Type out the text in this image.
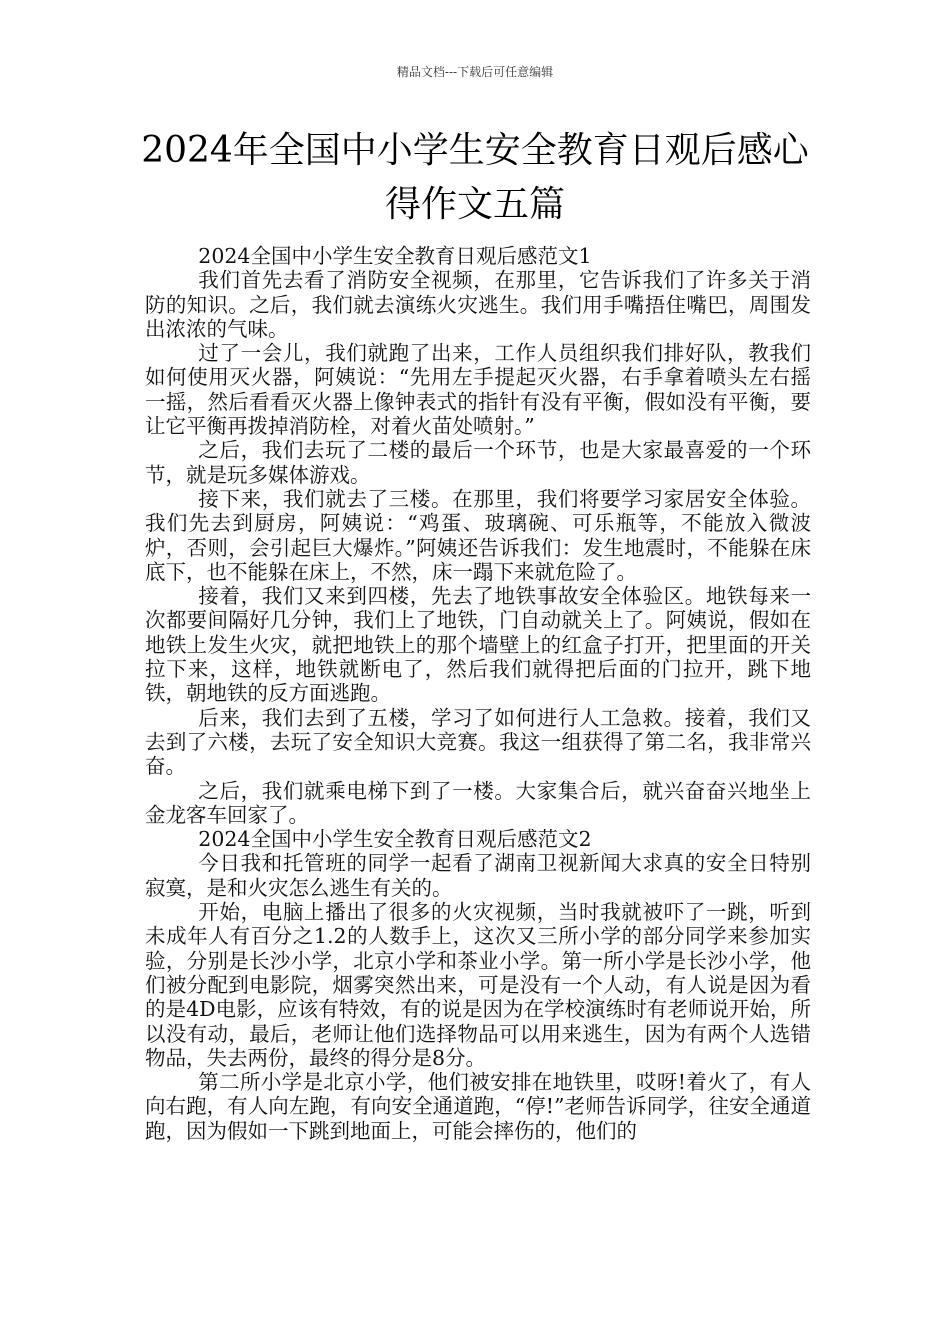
精品文档---下载后可任意编辑
2024年全国中小学生安全教育日观后感心
得作文五篇

2024全国中小学生安全教育日观后感范文1

我们首先去看了消防安全视频，在那里，它告诉我们了许多关于消防的知识。之后，我们就去演练火灾逃生。我们用手嘴捂住嘴巴，周围发出浓浓的气味。

过了一会儿，我们就跑了出来，工作人员组织我们排好队，教我们如何使用灭火器，阿姨说：“先用左手提起灭火器，右手拿着喷头左右摇一摇，然后看看灭火器上像钟表式的指针有没有平衡，假如没有平衡，要让它平衡再拨掉消防栓，对着火苗处喷射。”

之后，我们去玩了二楼的最后一个环节，也是大家最喜爱的一个环节，就是玩多媒体游戏。

接下来，我们就去了三楼。在那里，我们将要学习家居安全体验。我们先去到厨房，阿姨说：“鸡蛋、玻璃碗、可乐瓶等，不能放入微波炉，否则，会引起巨大爆炸。”阿姨还告诉我们：发生地震时，不能躲在床底下，也不能躲在床上，不然，床一蹋下来就危险了。

接着，我们又来到四楼，先去了地铁事故安全体验区。地铁每来一次都要间隔好几分钟，我们上了地铁，门自动就关上了。阿姨说，假如在地铁上发生火灾，就把地铁上的那个墙壁上的红盒子打开，把里面的开关拉下来，这样，地铁就断电了，然后我们就得把后面的门拉开，跳下地铁，朝地铁的反方面逃跑。

后来，我们去到了五楼，学习了如何进行人工急救。接着，我们又去到了六楼，去玩了安全知识大竞赛。我这一组获得了第二名，我非常兴奋。

之后，我们就乘电梯下到了一楼。大家集合后，就兴奋奋兴地坐上金龙客车回家了。

2024全国中小学生安全教育日观后感范文2

今日我和托管班的同学一起看了湖南卫视新闻大求真的安全日特别寂寞，是和火灾怎么逃生有关的。

开始，电脑上播出了很多的火灾视频，当时我就被吓了一跳，听到未成年人有百分之1.2的人数手上，这次又三所小学的部分同学来参加实验，分别是长沙小学，北京小学和茶业小学。第一所小学是长沙小学，他们被分配到电影院，烟雾突然出来，可是没有一个人动，有人说是因为看的是4D电影，应该有特效，有的说是因为在学校演练时有老师说开始，所以没有动，最后，老师让他们选择物品可以用来逃生，因为有两个人选错物品，失去两份，最终的得分是8分。

第二所小学是北京小学，他们被安排在地铁里，哎呀!着火了，有人向右跑，有人向左跑，有向安全通道跑，“停!”老师告诉同学，往安全通道跑，因为假如一下跳到地面上，可能会摔伤的，他们的
